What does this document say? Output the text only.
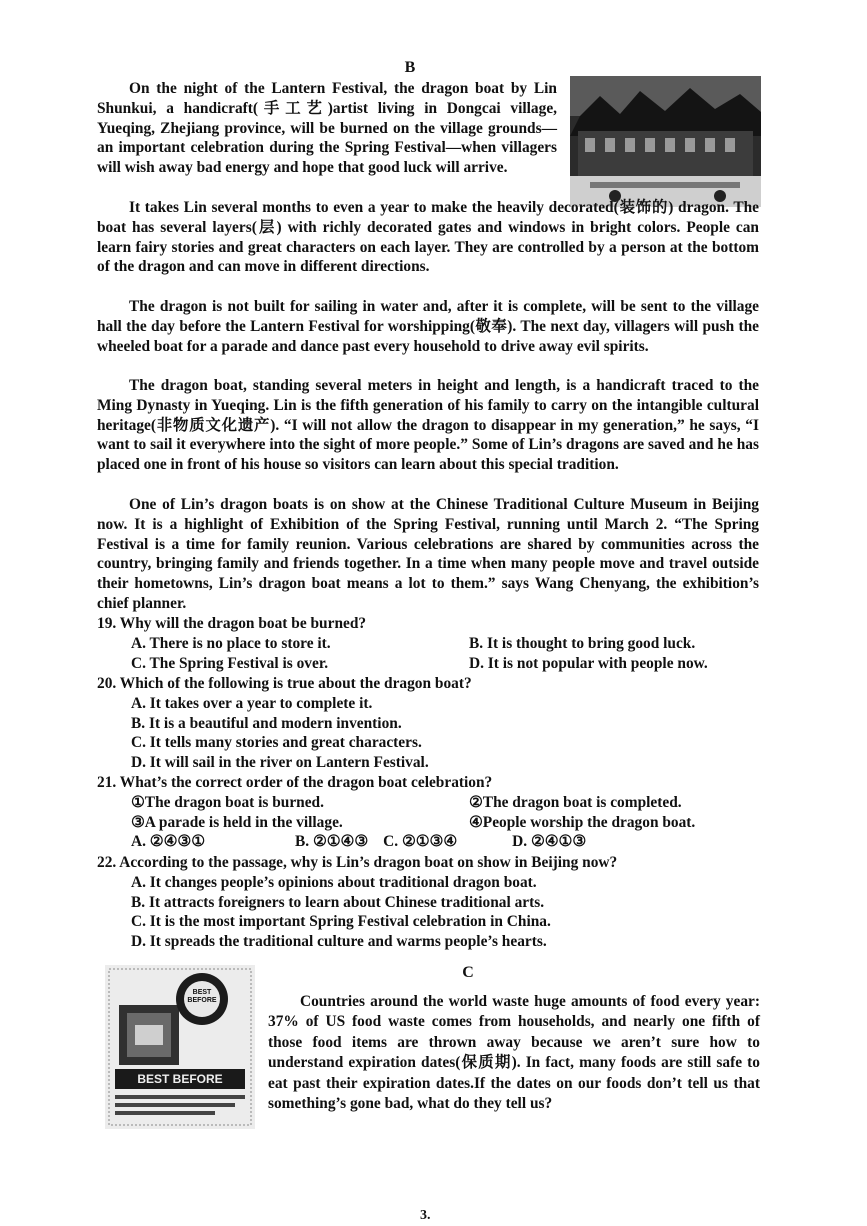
B

On the night of the Lantern Festival, the dragon boat by Lin Shunkui, a handicraft(手工艺)artist living in Dongcai village, Yueqing, Zhejiang province, will be burned on the village grounds—an important celebration during the Spring Festival—when villagers will wish away bad energy and hope that good luck will arrive.

It takes Lin several months to even a year to make the heavily decorated(装饰的) dragon. The boat has several layers(层) with richly decorated gates and windows in bright colors. People can learn fairy stories and great characters on each layer. They are controlled by a person at the bottom of the dragon and can move in different directions.

The dragon is not built for sailing in water and, after it is complete, will be sent to the village hall the day before the Lantern Festival for worshipping(敬奉). The next day, villagers will push the wheeled boat for a parade and dance past every household to drive away evil spirits.

The dragon boat, standing several meters in height and length, is a handicraft traced to the Ming Dynasty in Yueqing. Lin is the fifth generation of his family to carry on the intangible cultural heritage(非物质文化遗产). “I will not allow the dragon to disappear in my generation,” he says, “I want to sail it everywhere into the sight of more people.” Some of Lin’s dragons are saved and he has placed one in front of his house so visitors can learn about this special tradition.

One of Lin’s dragon boats is on show at the Chinese Traditional Culture Museum in Beijing now. It is a highlight of Exhibition of the Spring Festival, running until March 2. “The Spring Festival is a time for family reunion. Various celebrations are shared by communities across the country, bringing family and friends together. In a time when many people move and travel outside their hometowns, Lin’s dragon boat means a lot to them.” says Wang Chenyang, the exhibition’s chief planner.

19. Why will the dragon boat be burned?
A. There is no place to store it.	B. It is thought to bring good luck.
C. The Spring Festival is over.	D. It is not popular with people now.
20. Which of the following is true about the dragon boat?
A. It takes over a year to complete it.
B. It is a beautiful and modern invention.
C. It tells many stories and great characters.
D. It will sail in the river on Lantern Festival.
21. What’s the correct order of the dragon boat celebration?
①The dragon boat is burned.	②The dragon boat is completed.
③A parade is held in the village.	④People worship the dragon boat.
A. ②④③①	B. ②①④③ C. ②①③④	D. ②④①③
22. According to the passage, why is Lin’s dragon boat on show in Beijing now?
A. It changes people’s opinions about traditional dragon boat.
B. It attracts foreigners to learn about Chinese traditional arts.
C. It is the most important Spring Festival celebration in China.
D. It spreads the traditional culture and warms people’s hearts.
BEST BEFORE
BEST BEFORE
C

Countries around the world waste huge amounts of food every year: 37% of US food waste comes from households, and nearly one fifth of those food items are thrown away because we aren’t sure how to understand expiration dates(保质期). In fact, many foods are still safe to eat past their expiration dates.If the dates on our foods don’t tell us that something’s gone bad, what do they tell us?

3.
